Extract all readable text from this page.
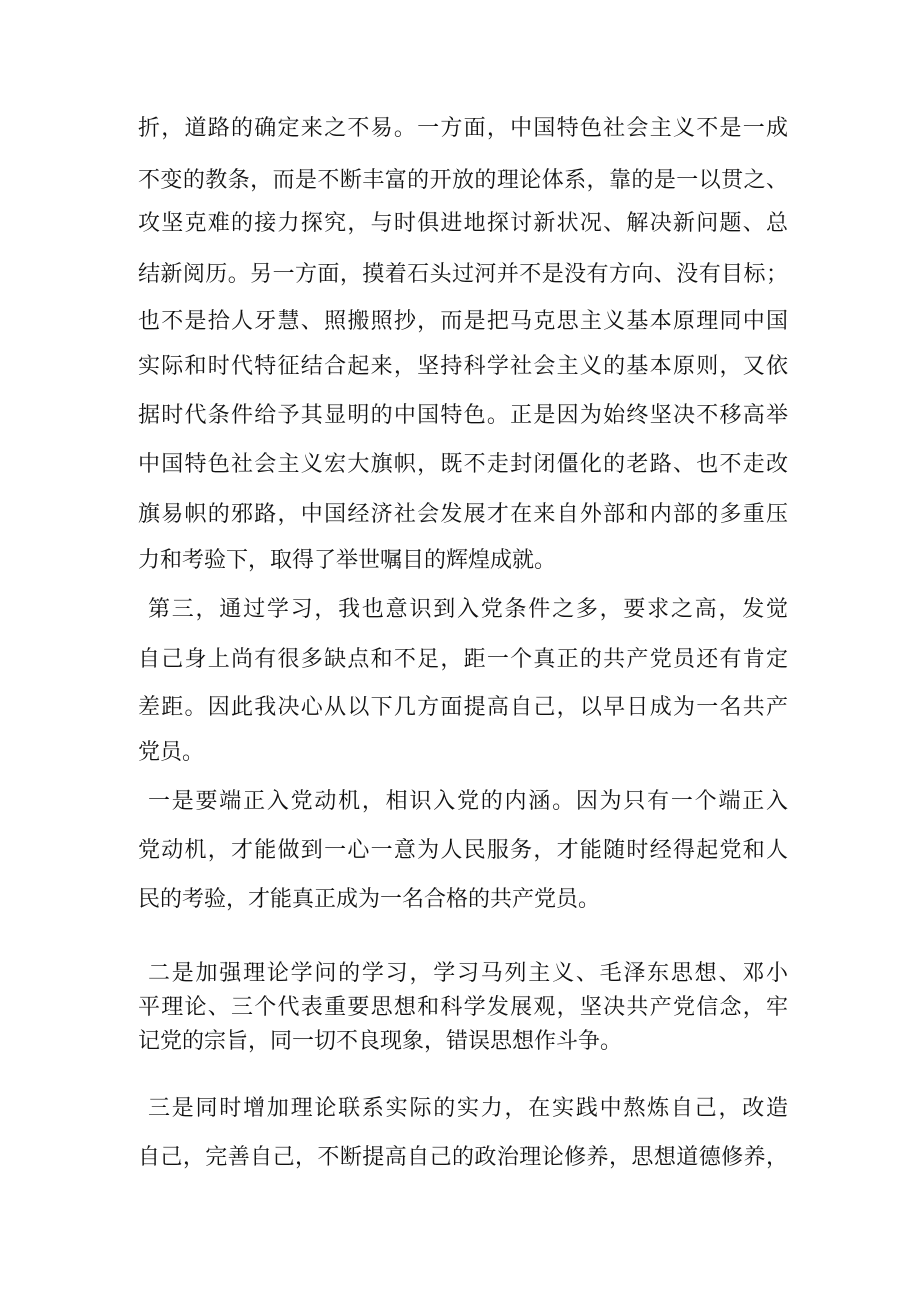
折，道路的确定来之不易。一方面，中国特色社会主义不是一成
不变的教条，而是不断丰富的开放的理论体系，靠的是一以贯之、
攻坚克难的接力探究，与时俱进地探讨新状况、解决新问题、总
结新阅历。另一方面，摸着石头过河并不是没有方向、没有目标；
也不是拾人牙慧、照搬照抄，而是把马克思主义基本原理同中国
实际和时代特征结合起来，坚持科学社会主义的基本原则，又依
据时代条件给予其显明的中国特色。正是因为始终坚决不移高举
中国特色社会主义宏大旗帜，既不走封闭僵化的老路、也不走改
旗易帜的邪路，中国经济社会发展才在来自外部和内部的多重压
力和考验下，取得了举世嘱目的辉煌成就。
第三，通过学习，我也意识到入党条件之多，要求之高，发觉
自己身上尚有很多缺点和不足，距一个真正的共产党员还有肯定
差距。因此我决心从以下几方面提高自己，以早日成为一名共产
党员。
一是要端正入党动机，相识入党的内涵。因为只有一个端正入
党动机，才能做到一心一意为人民服务，才能随时经得起党和人
民的考验，才能真正成为一名合格的共产党员。
二是加强理论学问的学习，学习马列主义、毛泽东思想、邓小
平理论、三个代表重要思想和科学发展观，坚决共产党信念，牢
记党的宗旨，同一切不良现象，错误思想作斗争。
三是同时增加理论联系实际的实力，在实践中熬炼自己，改造
自己，完善自己，不断提高自己的政治理论修养，思想道德修养，
